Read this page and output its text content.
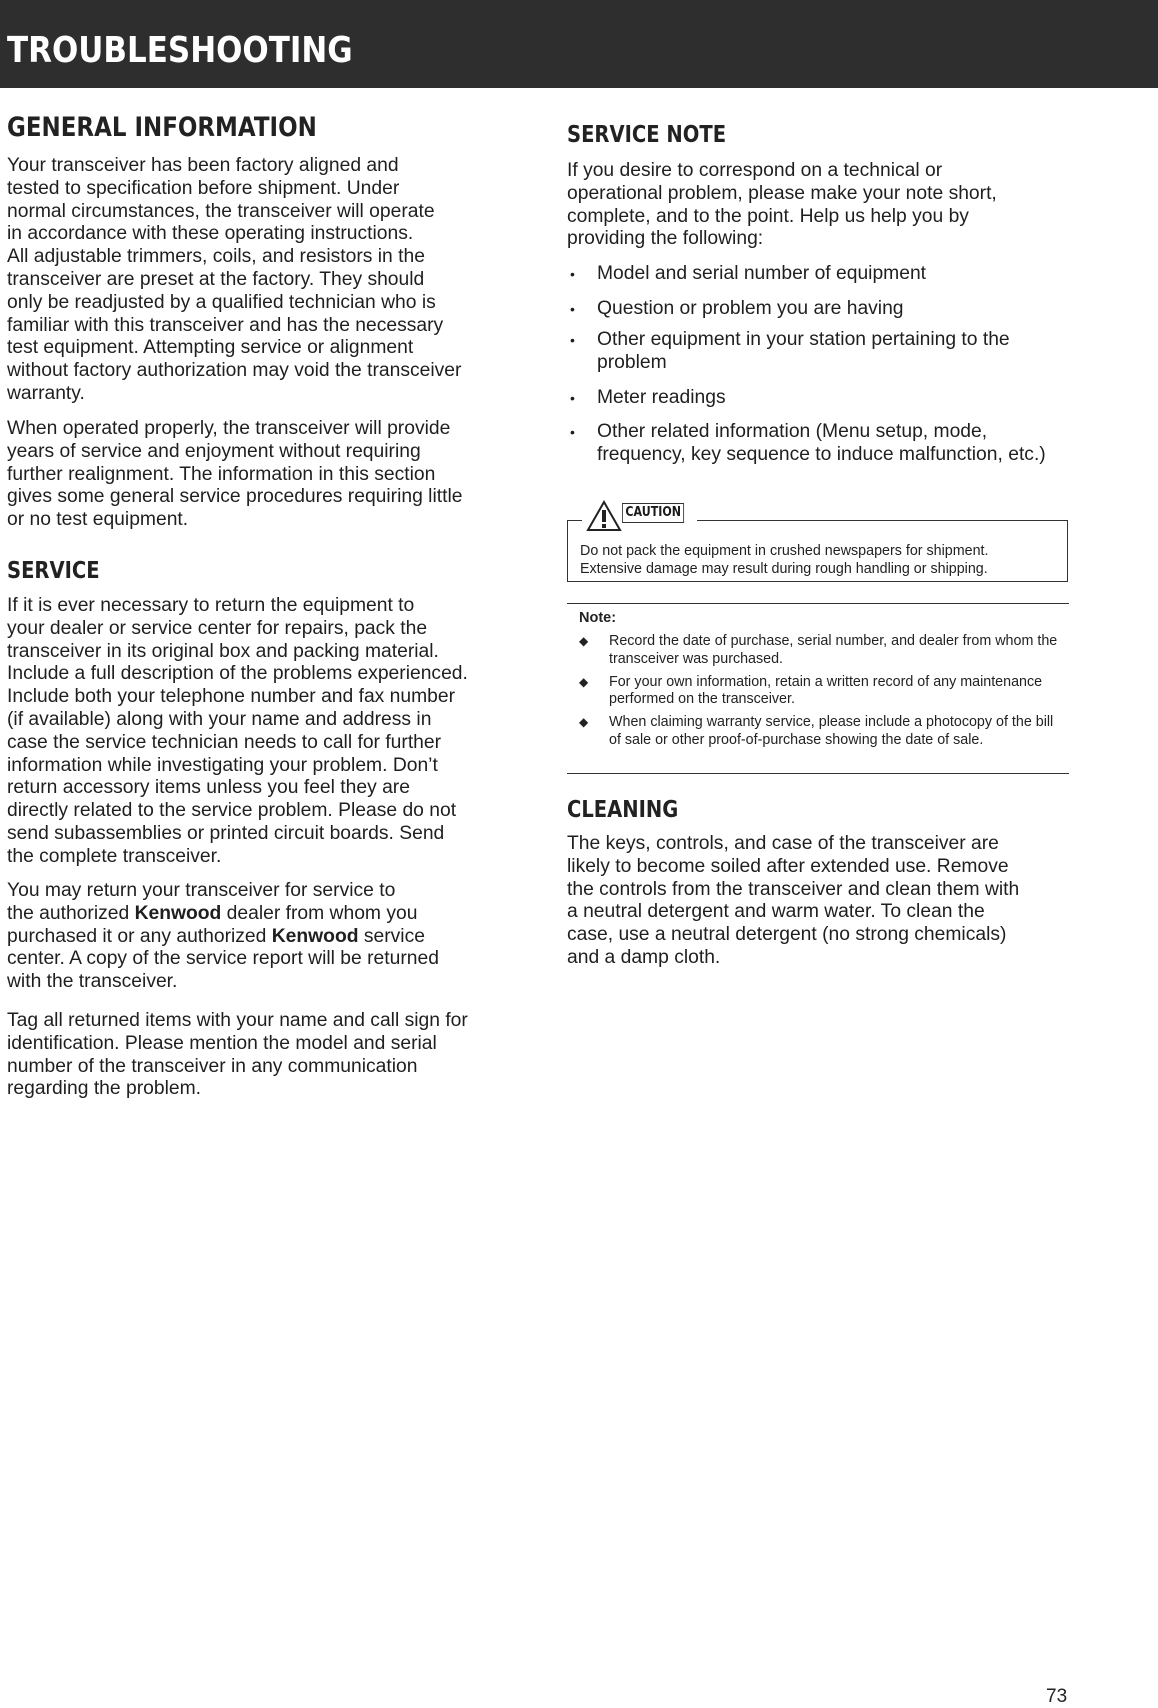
TROUBLESHOOTING
GENERAL INFORMATION
Your transceiver has been factory aligned and
tested to specification before shipment. Under
normal circumstances, the transceiver will operate
in accordance with these operating instructions.
All adjustable trimmers, coils, and resistors in the
transceiver are preset at the factory. They should
only be readjusted by a qualified technician who is
familiar with this transceiver and has the necessary
test equipment. Attempting service or alignment
without factory authorization may void the transceiver
warranty.
When operated properly, the transceiver will provide
years of service and enjoyment without requiring
further realignment. The information in this section
gives some general service procedures requiring little
or no test equipment.
SERVICE
If it is ever necessary to return the equipment to
your dealer or service center for repairs, pack the
transceiver in its original box and packing material.
Include a full description of the problems experienced.
Include both your telephone number and fax number
(if available) along with your name and address in
case the service technician needs to call for further
information while investigating your problem. Don’t
return accessory items unless you feel they are
directly related to the service problem. Please do not
send subassemblies or printed circuit boards. Send
the complete transceiver.
You may return your transceiver for service to
the authorized Kenwood dealer from whom you
purchased it or any authorized Kenwood service
center. A copy of the service report will be returned
with the transceiver.
Tag all returned items with your name and call sign for
identification. Please mention the model and serial
number of the transceiver in any communication
regarding the problem.
SERVICE NOTE
If you desire to correspond on a technical or
operational problem, please make your note short,
complete, and to the point. Help us help you by
providing the following:
• Model and serial number of equipment
• Question or problem you are having
• Other equipment in your station pertaining to the problem
• Meter readings
• Other related information (Menu setup, mode, frequency, key sequence to induce malfunction, etc.)
CLEANING
The keys, controls, and case of the transceiver are
likely to become soiled after extended use. Remove
the controls from the transceiver and clean them with
a neutral detergent and warm water. To clean the
case, use a neutral detergent (no strong chemicals)
and a damp cloth.
CAUTION
Do not pack the equipment in crushed newspapers for shipment.
Extensive damage may result during rough handling or shipping.
Note:
◆ Record the date of purchase, serial number, and dealer from whom the transceiver was purchased.
◆ For your own information, retain a written record of any maintenance performed on the transceiver.
◆ When claiming warranty service, please include a photocopy of the bill of sale or other proof-of-purchase showing the date of sale.
73
